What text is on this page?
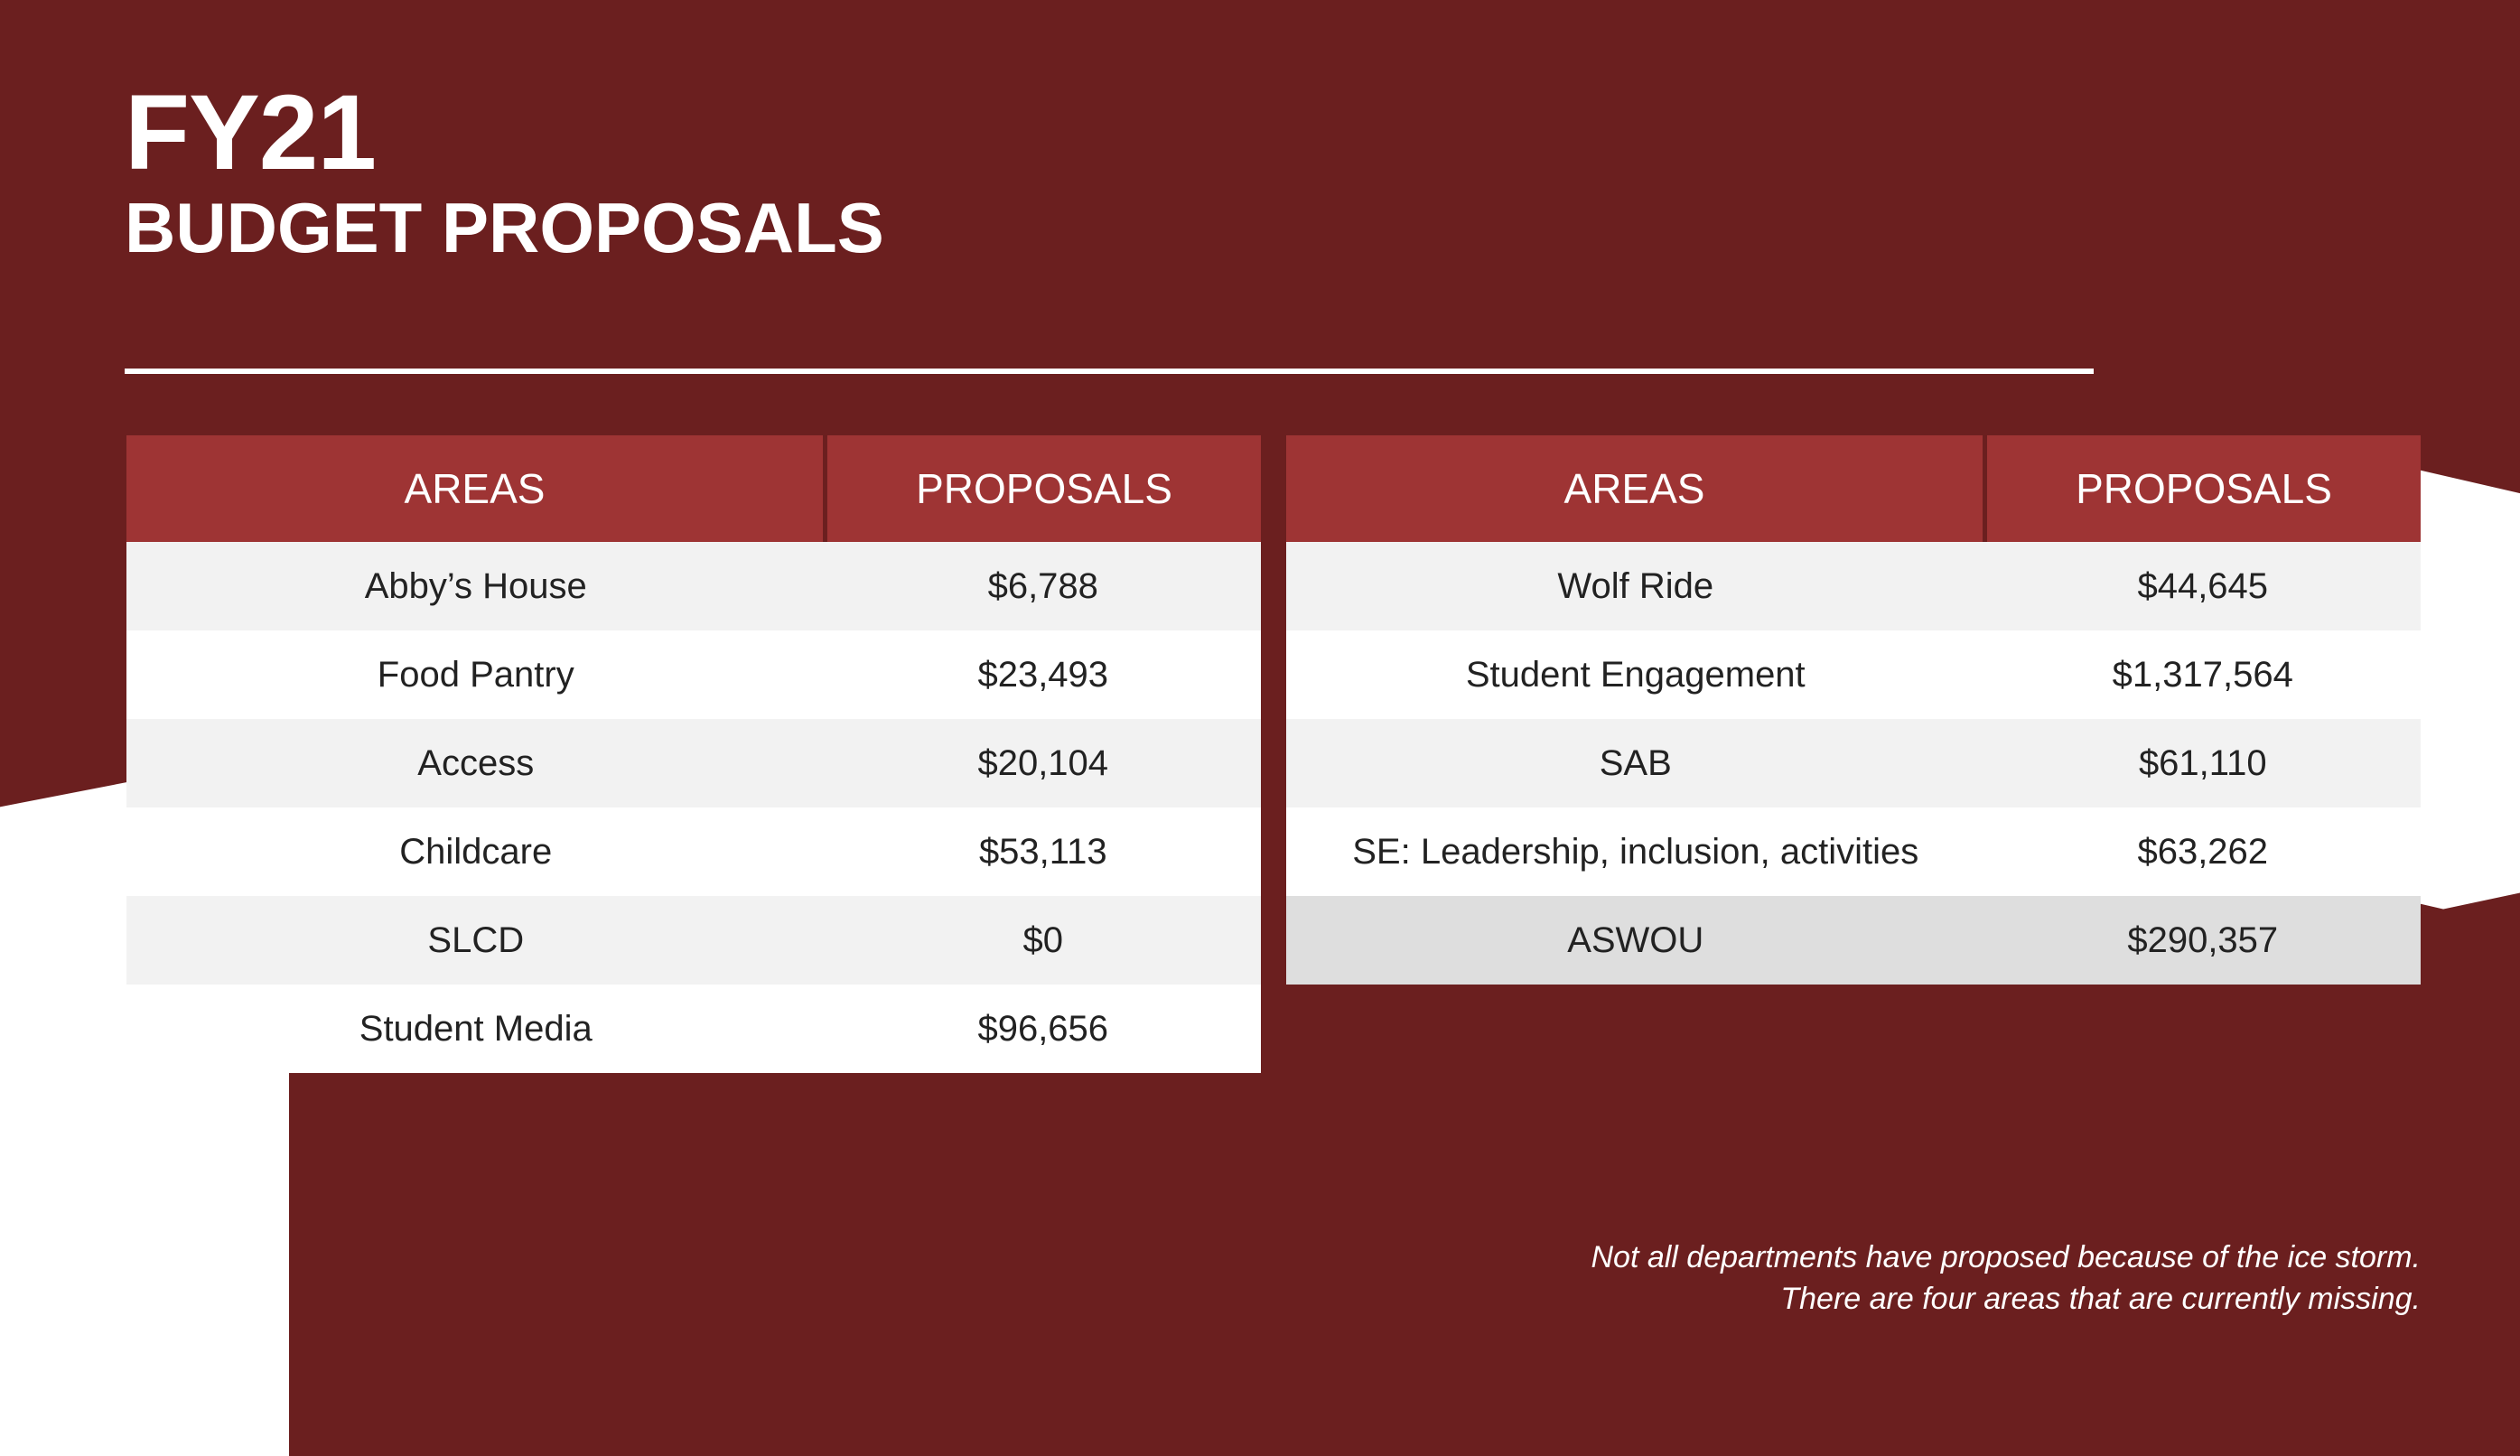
FY21
BUDGET PROPOSALS
AREAS	PROPOSALS
Abby’s House	$6,788
Food Pantry	$23,493
Access	$20,104
Childcare	$53,113
SLCD	$0
Student Media	$96,656
AREAS	PROPOSALS
Wolf Ride	$44,645
Student Engagement	$1,317,564
SAB	$61,110
SE: Leadership, inclusion, activities	$63,262
ASWOU	$290,357
Not all departments have proposed because of the ice storm.
There are four areas that are currently missing.
